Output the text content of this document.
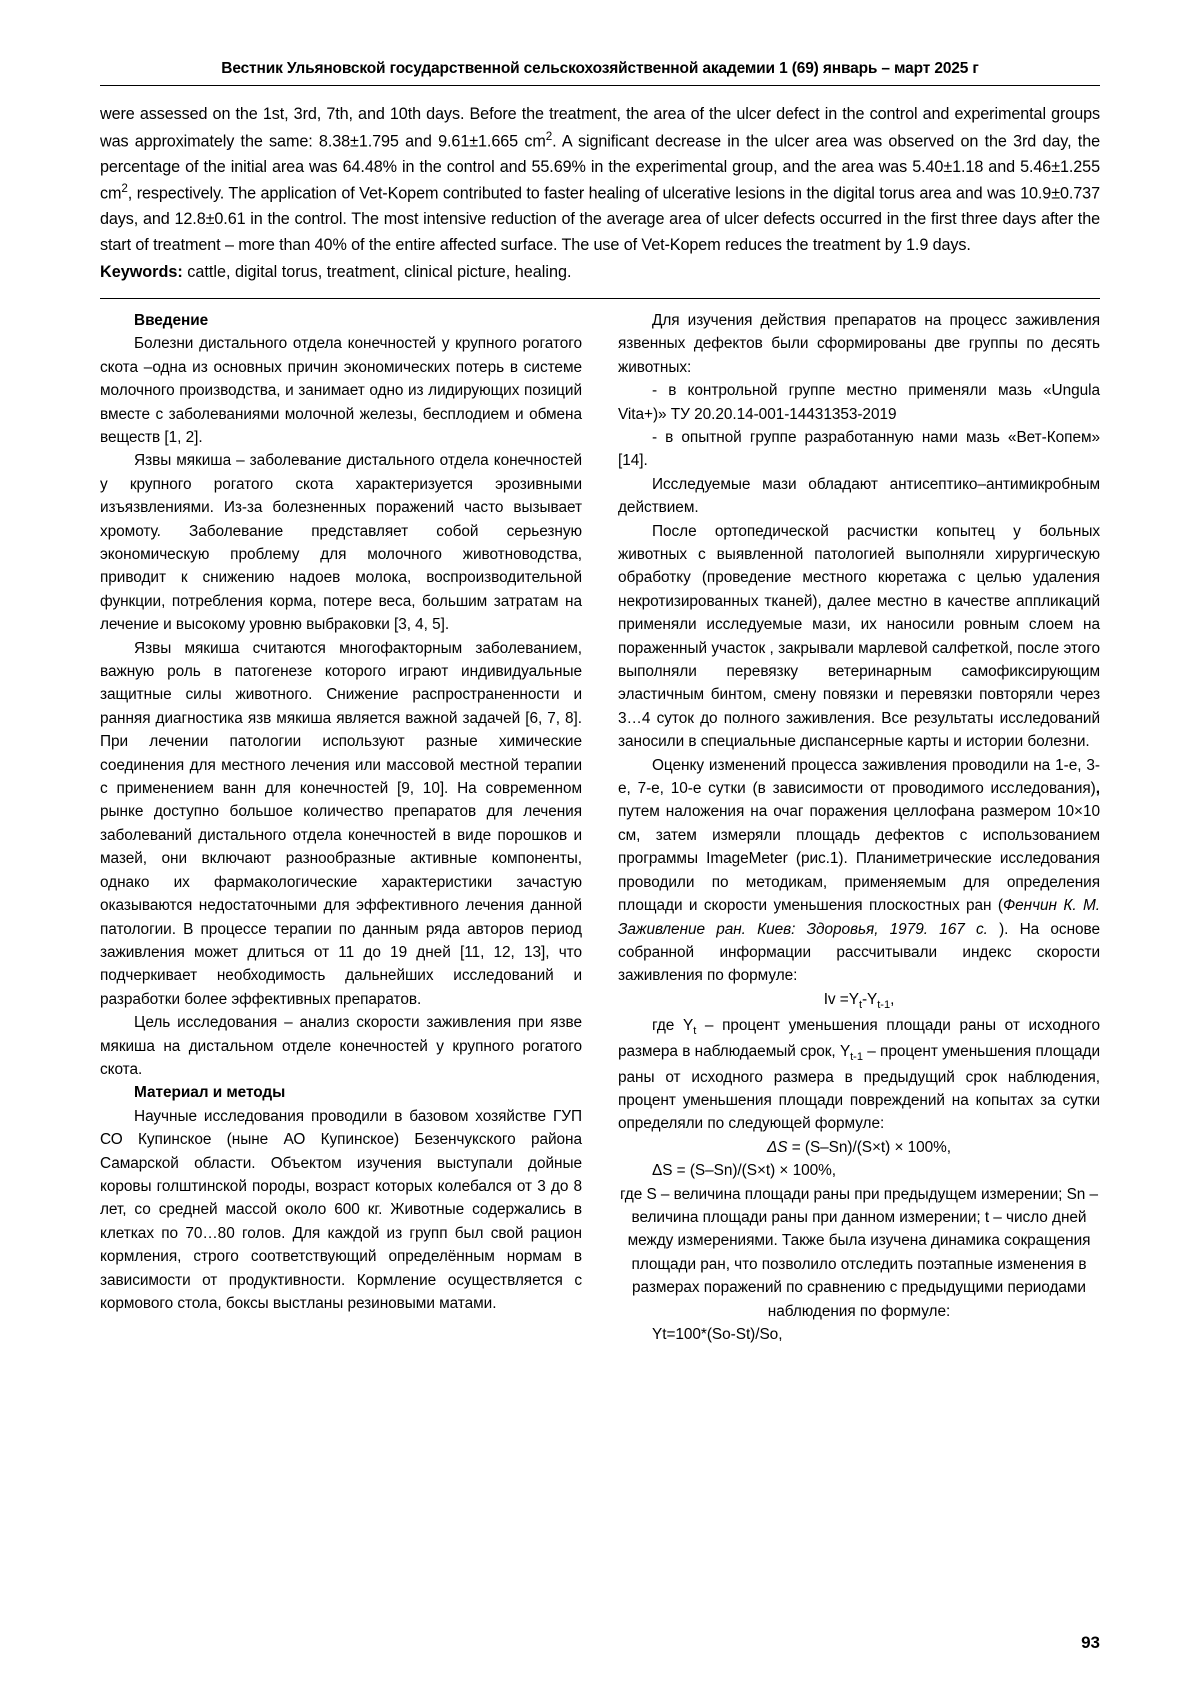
Вестник Ульяновской государственной сельскохозяйственной академии 1 (69) январь – март 2025 г

were assessed on the 1st, 3rd, 7th, and 10th days. Before the treatment, the area of the ulcer defect in the control and experimental groups was approximately the same: 8.38±1.795 and 9.61±1.665 $cm^2$. A significant decrease in the ulcer area was observed on the 3rd day, the percentage of the initial area was 64.48% in the control and 55.69% in the experimental group, and the area was 5.40±1.18 and 5.46±1.255 $cm^2$, respectively. The application of Vet-Kopem contributed to faster healing of ulcerative lesions in the digital torus area and was 10.9±0.737 days, and 12.8±0.61 in the control. The most intensive reduction of the average area of ulcer defects occurred in the first three days after the start of treatment – more than 40% of the entire affected surface. The use of Vet-Kopem reduces the treatment by 1.9 days.

Keywords: cattle, digital torus, treatment, clinical picture, healing.

Введение

Болезни дистального отдела конечностей у крупного рогатого скота –одна из основных причин экономических потерь в системе молочного производства, и занимает одно из лидирующих позиций вместе с заболеваниями молочной железы, бесплодием и обмена веществ [1, 2].

Язвы мякиша – заболевание дистального отдела конечностей у крупного рогатого скота характеризуется эрозивными изъязвлениями. Из-за болезненных поражений часто вызывает хромоту. Заболевание представляет собой серьезную экономическую проблему для молочного животноводства, приводит к снижению надоев молока, воспроизводительной функции, потребления корма, потере веса, большим затратам на лечение и высокому уровню выбраковки [3, 4, 5].

Язвы мякиша считаются многофакторным заболеванием, важную роль в патогенезе которого играют индивидуальные защитные силы животного. Снижение распространенности и ранняя диагностика язв мякиша является важной задачей [6, 7, 8]. При лечении патологии используют разные химические соединения для местного лечения или массовой местной терапии с применением ванн для конечностей [9, 10]. На современном рынке доступно большое количество препаратов для лечения заболеваний дистального отдела конечностей в виде порошков и мазей, они включают разнообразные активные компоненты, однако их фармакологические характеристики зачастую оказываются недостаточными для эффективного лечения данной патологии. В процессе терапии по данным ряда авторов период заживления может длиться от 11 до 19 дней [11, 12, 13], что подчеркивает необходимость дальнейших исследований и разработки более эффективных препаратов.

Цель исследования – анализ скорости заживления при язве мякиша на дистальном отделе конечностей у крупного рогатого скота.

Материал и методы

Научные исследования проводили в базовом хозяйстве ГУП СО Купинское (ныне АО Купинское) Безенчукского района Самарской области. Объектом изучения выступали дойные коровы голштинской породы, возраст которых колебался от 3 до 8 лет, со средней массой около 600 кг. Животные содержались в клетках по 70…80 голов. Для каждой из групп был свой рацион кормления, строго соответствующий определённым нормам в зависимости от продуктивности. Кормление осуществляется с кормового стола, боксы выстланы резиновыми матами.

Для изучения действия препаратов на процесс заживления язвенных дефектов были сформированы две группы по десять животных:

- в контрольной группе местно применяли мазь «Ungula Vita+)» ТУ 20.20.14-001-14431353-2019

- в опытной группе разработанную нами мазь «Вет-Копем» [14].

Исследуемые мази обладают антисептико–антимикробным действием.

После ортопедической расчистки копытец у больных животных с выявленной патологией выполняли хирургическую обработку (проведение местного кюретажа с целью удаления некротизированных тканей), далее местно в качестве аппликаций применяли исследуемые мази, их наносили ровным слоем на пораженный участок , закрывали марлевой салфеткой, после этого выполняли перевязку ветеринарным самофиксирующим эластичным бинтом, смену повязки и перевязки повторяли через 3…4 суток до полного заживления. Все результаты исследований заносили в специальные диспансерные карты и истории болезни.

Оценку изменений процесса заживления проводили на 1-е, 3-е, 7-е, 10-е сутки (в зависимости от проводимого исследования), путем наложения на очаг поражения целлофана размером 10×10 см, затем измеряли площадь дефектов с использованием программы ImageMeter (рис.1). Планиметрические исследования проводили по методикам, применяемым для определения площади и скорости уменьшения плоскостных ран (Фенчин К. М. Заживление ран. Киев: Здоровья, 1979. 167 с. ). На основе собранной информации рассчитывали индекс скорости заживления по формуле:

$Iv =Y_t-Y_{t-1}$,

где $Y_t$ – процент уменьшения площади раны от исходного размера в наблюдаемый срок, $Y_{t-1}$ – процент уменьшения площади раны от исходного размера в предыдущий срок наблюдения, процент уменьшения площади повреждений на копытах за сутки определяли по следующей формуле:

ΔS = (S–Sn)/(S×t) × 100%,

ΔS = (S–Sn)/(S×t) × 100%,

где S – величина площади раны при предыдущем измерении; Sn – величина площади раны при данном измерении; t – число дней между измерениями. Также была изучена динамика сокращения площади ран, что позволило отследить поэтапные изменения в размерах поражений по сравнению с предыдущими периодами наблюдения по формуле:

Yt=100*(So-St)/So,

93
